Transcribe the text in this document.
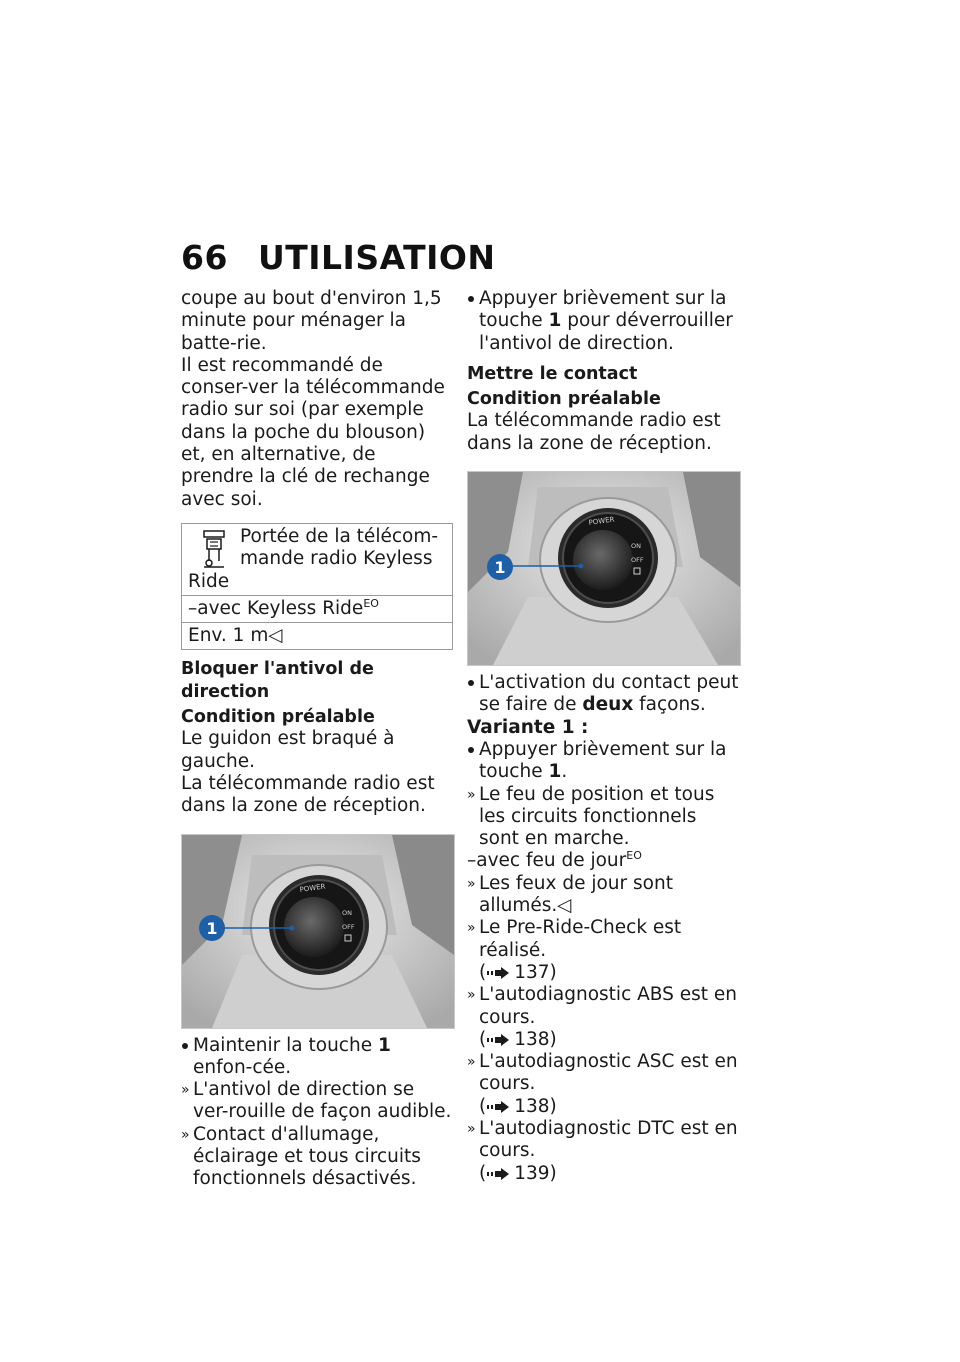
66 UTILISATION

coupe au bout d'environ 1,5 minute pour ménager la batte-rie.

Il est recommandé de conser-ver la télécommande radio sur soi (par exemple dans la poche du blouson) et, en alternative, de prendre la clé de rechange avec soi.

Portée de la télécom-mande radio Keyless Ride
–avec Keyless Ride$^{EO}$
Env. 1 m◁

Bloquer l'antivol de direction

Condition préalable

Le guidon est braqué à gauche.

La télécommande radio est dans la zone de réception.

POWER
ON
OFF
1
Maintenir la touche 1 enfon-cée.
» L'antivol de direction se ver-rouille de façon audible.
» Contact d'allumage, éclairage et tous circuits fonctionnels désactivés.
Appuyer brièvement sur la touche 1 pour déverrouiller l'antivol de direction.

Mettre le contact

Condition préalable

La télécommande radio est dans la zone de réception.

POWER
ON
OFF
1
L'activation du contact peut se faire de deux façons.

Variante 1 :

Appuyer brièvement sur la touche 1.
» Le feu de position et tous les circuits fonctionnels sont en marche.

–avec feu de jour$^{EO}$

» Les feux de jour sont allumés.◁
» Le Pre-Ride-Check est réalisé.
( 137)
» L'autodiagnostic ABS est en cours.
( 138)
» L'autodiagnostic ASC est en cours.
( 138)
» L'autodiagnostic DTC est en cours.
( 139)
